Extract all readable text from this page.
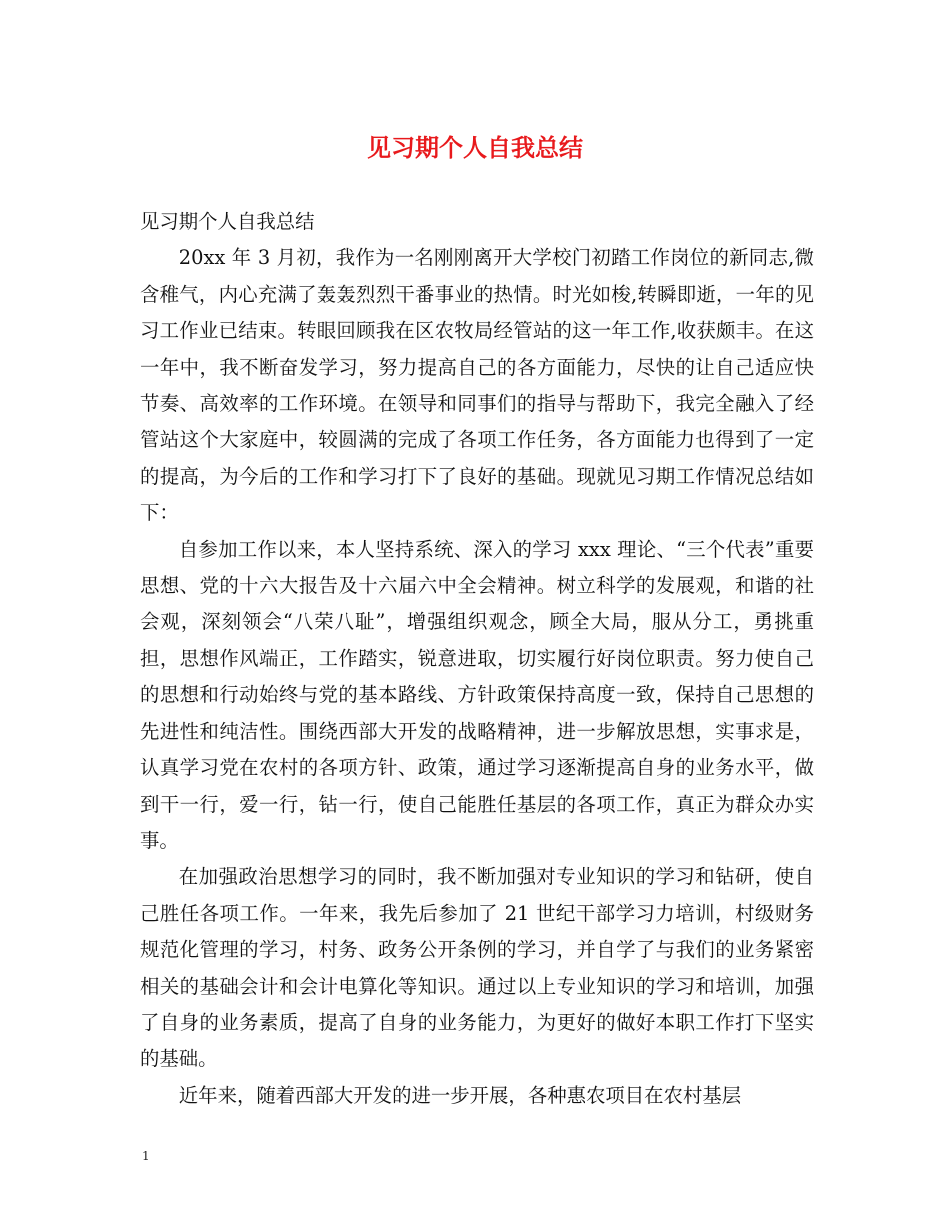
见习期个人自我总结

见习期个人自我总结

20xx 年 3 月初，我作为一名刚刚离开大学校门初踏工作岗位的新同志,微含稚气，内心充满了轰轰烈烈干番事业的热情。时光如梭,转瞬即逝，一年的见习工作业已结束。转眼回顾我在区农牧局经管站的这一年工作,收获颇丰。在这一年中，我不断奋发学习，努力提高自己的各方面能力，尽快的让自己适应快节奏、高效率的工作环境。在领导和同事们的指导与帮助下，我完全融入了经管站这个大家庭中，较圆满的完成了各项工作任务，各方面能力也得到了一定的提高，为今后的工作和学习打下了良好的基础。现就见习期工作情况总结如下：

自参加工作以来，本人坚持系统、深入的学习 xxx 理论、“三个代表”重要思想、党的十六大报告及十六届六中全会精神。树立科学的发展观，和谐的社会观，深刻领会“八荣八耻”，增强组织观念，顾全大局，服从分工，勇挑重担，思想作风端正，工作踏实，锐意进取，切实履行好岗位职责。努力使自己的思想和行动始终与党的基本路线、方针政策保持高度一致，保持自己思想的先进性和纯洁性。围绕西部大开发的战略精神，进一步解放思想，实事求是，认真学习党在农村的各项方针、政策，通过学习逐渐提高自身的业务水平，做到干一行，爱一行，钻一行，使自己能胜任基层的各项工作，真正为群众办实事。

在加强政治思想学习的同时，我不断加强对专业知识的学习和钻研，使自己胜任各项工作。一年来，我先后参加了 21 世纪干部学习力培训，村级财务规范化管理的学习，村务、政务公开条例的学习，并自学了与我们的业务紧密相关的基础会计和会计电算化等知识。通过以上专业知识的学习和培训，加强了自身的业务素质，提高了自身的业务能力，为更好的做好本职工作打下坚实的基础。

近年来，随着西部大开发的进一步开展，各种惠农项目在农村基层

1
